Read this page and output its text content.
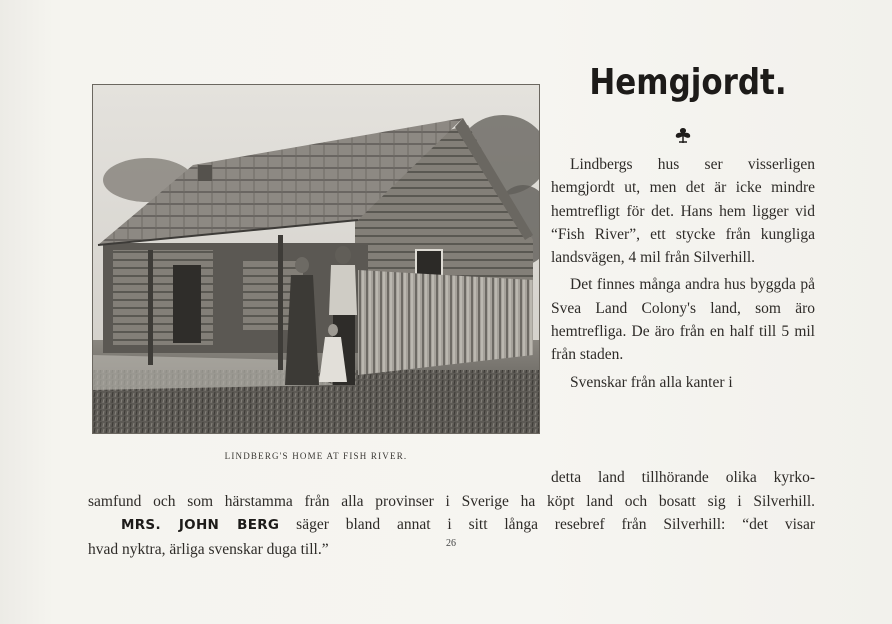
LINDBERG'S HOME AT FISH RIVER.
Hemgjordt.

Lindbergs hus ser visserligen hemgjordt ut, men det är icke mindre hemtrefligt för det. Hans hem ligger vid “Fish River”, ett stycke från kungliga landsvägen, 4 mil från Silverhill.

Det finnes många andra hus byggda på Svea Land Colony's land, som äro hemtrefliga. De äro från en half till 5 mil från staden.

Svenskar från alla kanter i

detta land tillhörande olika kyrko-
samfund och som härstamma från alla provinser i Sverige ha köpt land och bosatt sig i Silverhill.
MRS. JOHN BERG säger bland annat i sitt långa resebref från Silverhill: “det visar
hvad nyktra, ärliga svenskar duga till.”	26
